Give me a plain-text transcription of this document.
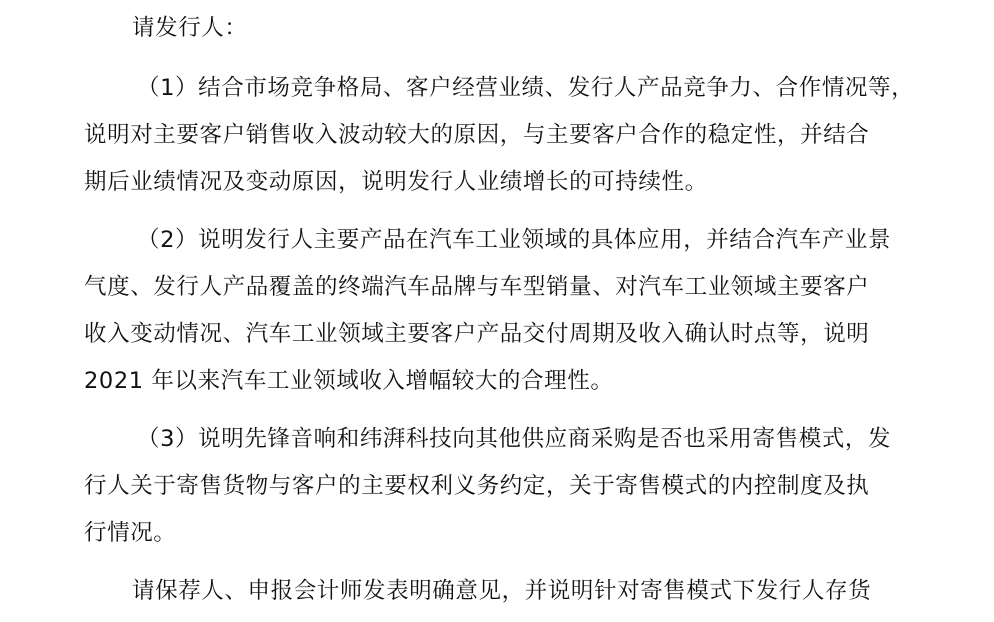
请发行人：
（1）结合市场竞争格局、客户经营业绩、发行人产品竞争力、合作情况等，
说明对主要客户销售收入波动较大的原因，与主要客户合作的稳定性，并结合
期后业绩情况及变动原因，说明发行人业绩增长的可持续性。
（2）说明发行人主要产品在汽车工业领域的具体应用，并结合汽车产业景
气度、发行人产品覆盖的终端汽车品牌与车型销量、对汽车工业领域主要客户
收入变动情况、汽车工业领域主要客户产品交付周期及收入确认时点等，说明
2021 年以来汽车工业领域收入增幅较大的合理性。
（3）说明先锋音响和纬湃科技向其他供应商采购是否也采用寄售模式，发
行人关于寄售货物与客户的主要权利义务约定，关于寄售模式的内控制度及执
行情况。
请保荐人、申报会计师发表明确意见，并说明针对寄售模式下发行人存货
